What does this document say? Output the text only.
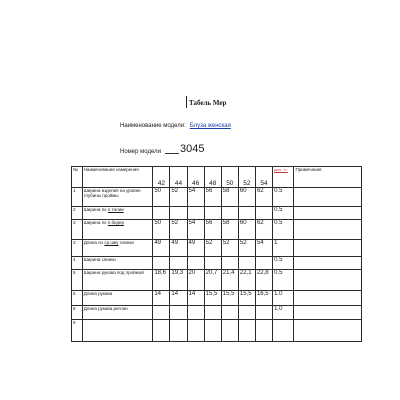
Табель Мер
Наименование модели: Блуза женская
Номер модели 3045
№	Наименование измерения	42	44	46	48	50	52	54	доп. +/-	Примечания
1	Ширина изделия на уровне глубины проймы	50	52	54	56	58	60	62	0.5	
2	Ширина по п.талии								0.5	
3	Ширина по п.бедер	50	52	54	56	58	60	62	0.5	
3	Длина по ср.шву спинки	49	49	49	52	52	52	54	1	
4	Ширина спинки								0.5	
5	Ширина рукава под проймой	18,6	19,3	20	20,7	21,4	22,1	22,8	0.5	
6	Длина рукава	14	14	14	15,5	15,5	15,5	16,5	1.0	
8	Длина рукава реглан								1.0	
9										
